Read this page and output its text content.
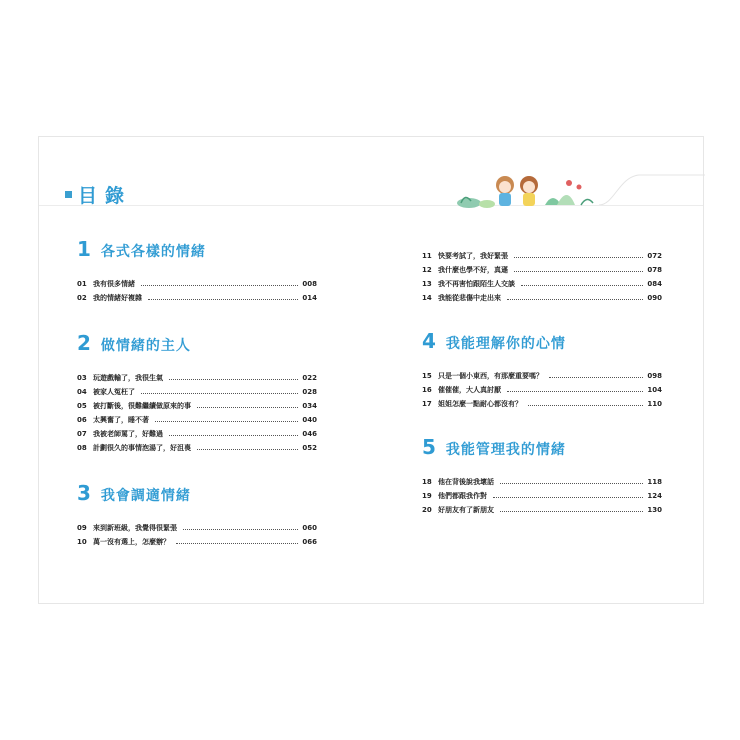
目錄
1 各式各樣的情緒
01 我有很多情緒	008
02 我的情緒好複雜	014
2 做情緒的主人
03 玩遊戲輸了，我很生氣	022
04 被家人冤枉了	028
05 被打斷後，很難繼續做原來的事	034
06 太興奮了，睡不著	040
07 我被老師罵了，好難過	046
08 計劃很久的事情泡湯了，好沮喪	052
3 我會調適情緒
09 來到新班級，我覺得很緊張	060
10 萬一沒有選上，怎麼辦？	066
11 快要考試了，我好緊張	072
12 我什麼也學不好，真遜	078
13 我不再害怕跟陌生人交談	084
14 我能從悲傷中走出來	090
4 我能理解你的心情
15 只是一個小東西，有那麼重要嗎？	098
16 催催催，大人真討厭	104
17 姐姐怎麼一點耐心都沒有？	110
5 我能管理我的情緒
18 他在背後說我壞話	118
19 他們都跟我作對	124
20 好朋友有了新朋友	130
